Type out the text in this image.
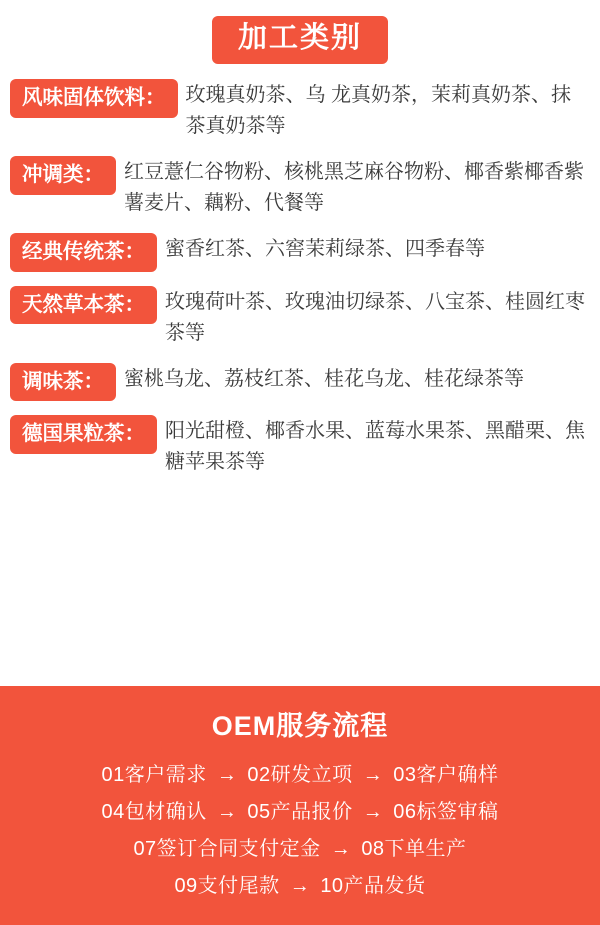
加工类别
风味固体饮料：	玫瑰真奶茶、乌 龙真奶茶，茉莉真奶茶、抹茶真奶茶等
冲调类：	红豆薏仁谷物粉、核桃黑芝麻谷物粉、椰香紫椰香紫薯麦片、藕粉、代餐等
经典传统茶：	蜜香红茶、六窖茉莉绿茶、四季春等
天然草本茶：	玫瑰荷叶茶、玫瑰油切绿茶、八宝茶、桂圆红枣茶等
调味茶：	蜜桃乌龙、荔枝红茶、桂花乌龙、桂花绿茶等
德国果粒茶：	阳光甜橙、椰香水果、蓝莓水果茶、黑醋栗、焦糖苹果茶等
OEM服务流程
01客户需求 → 02研发立项 → 03客户确样
04包材确认 → 05产品报价 → 06标签审稿
07签订合同支付定金 → 08下单生产
09支付尾款 → 10产品发货
